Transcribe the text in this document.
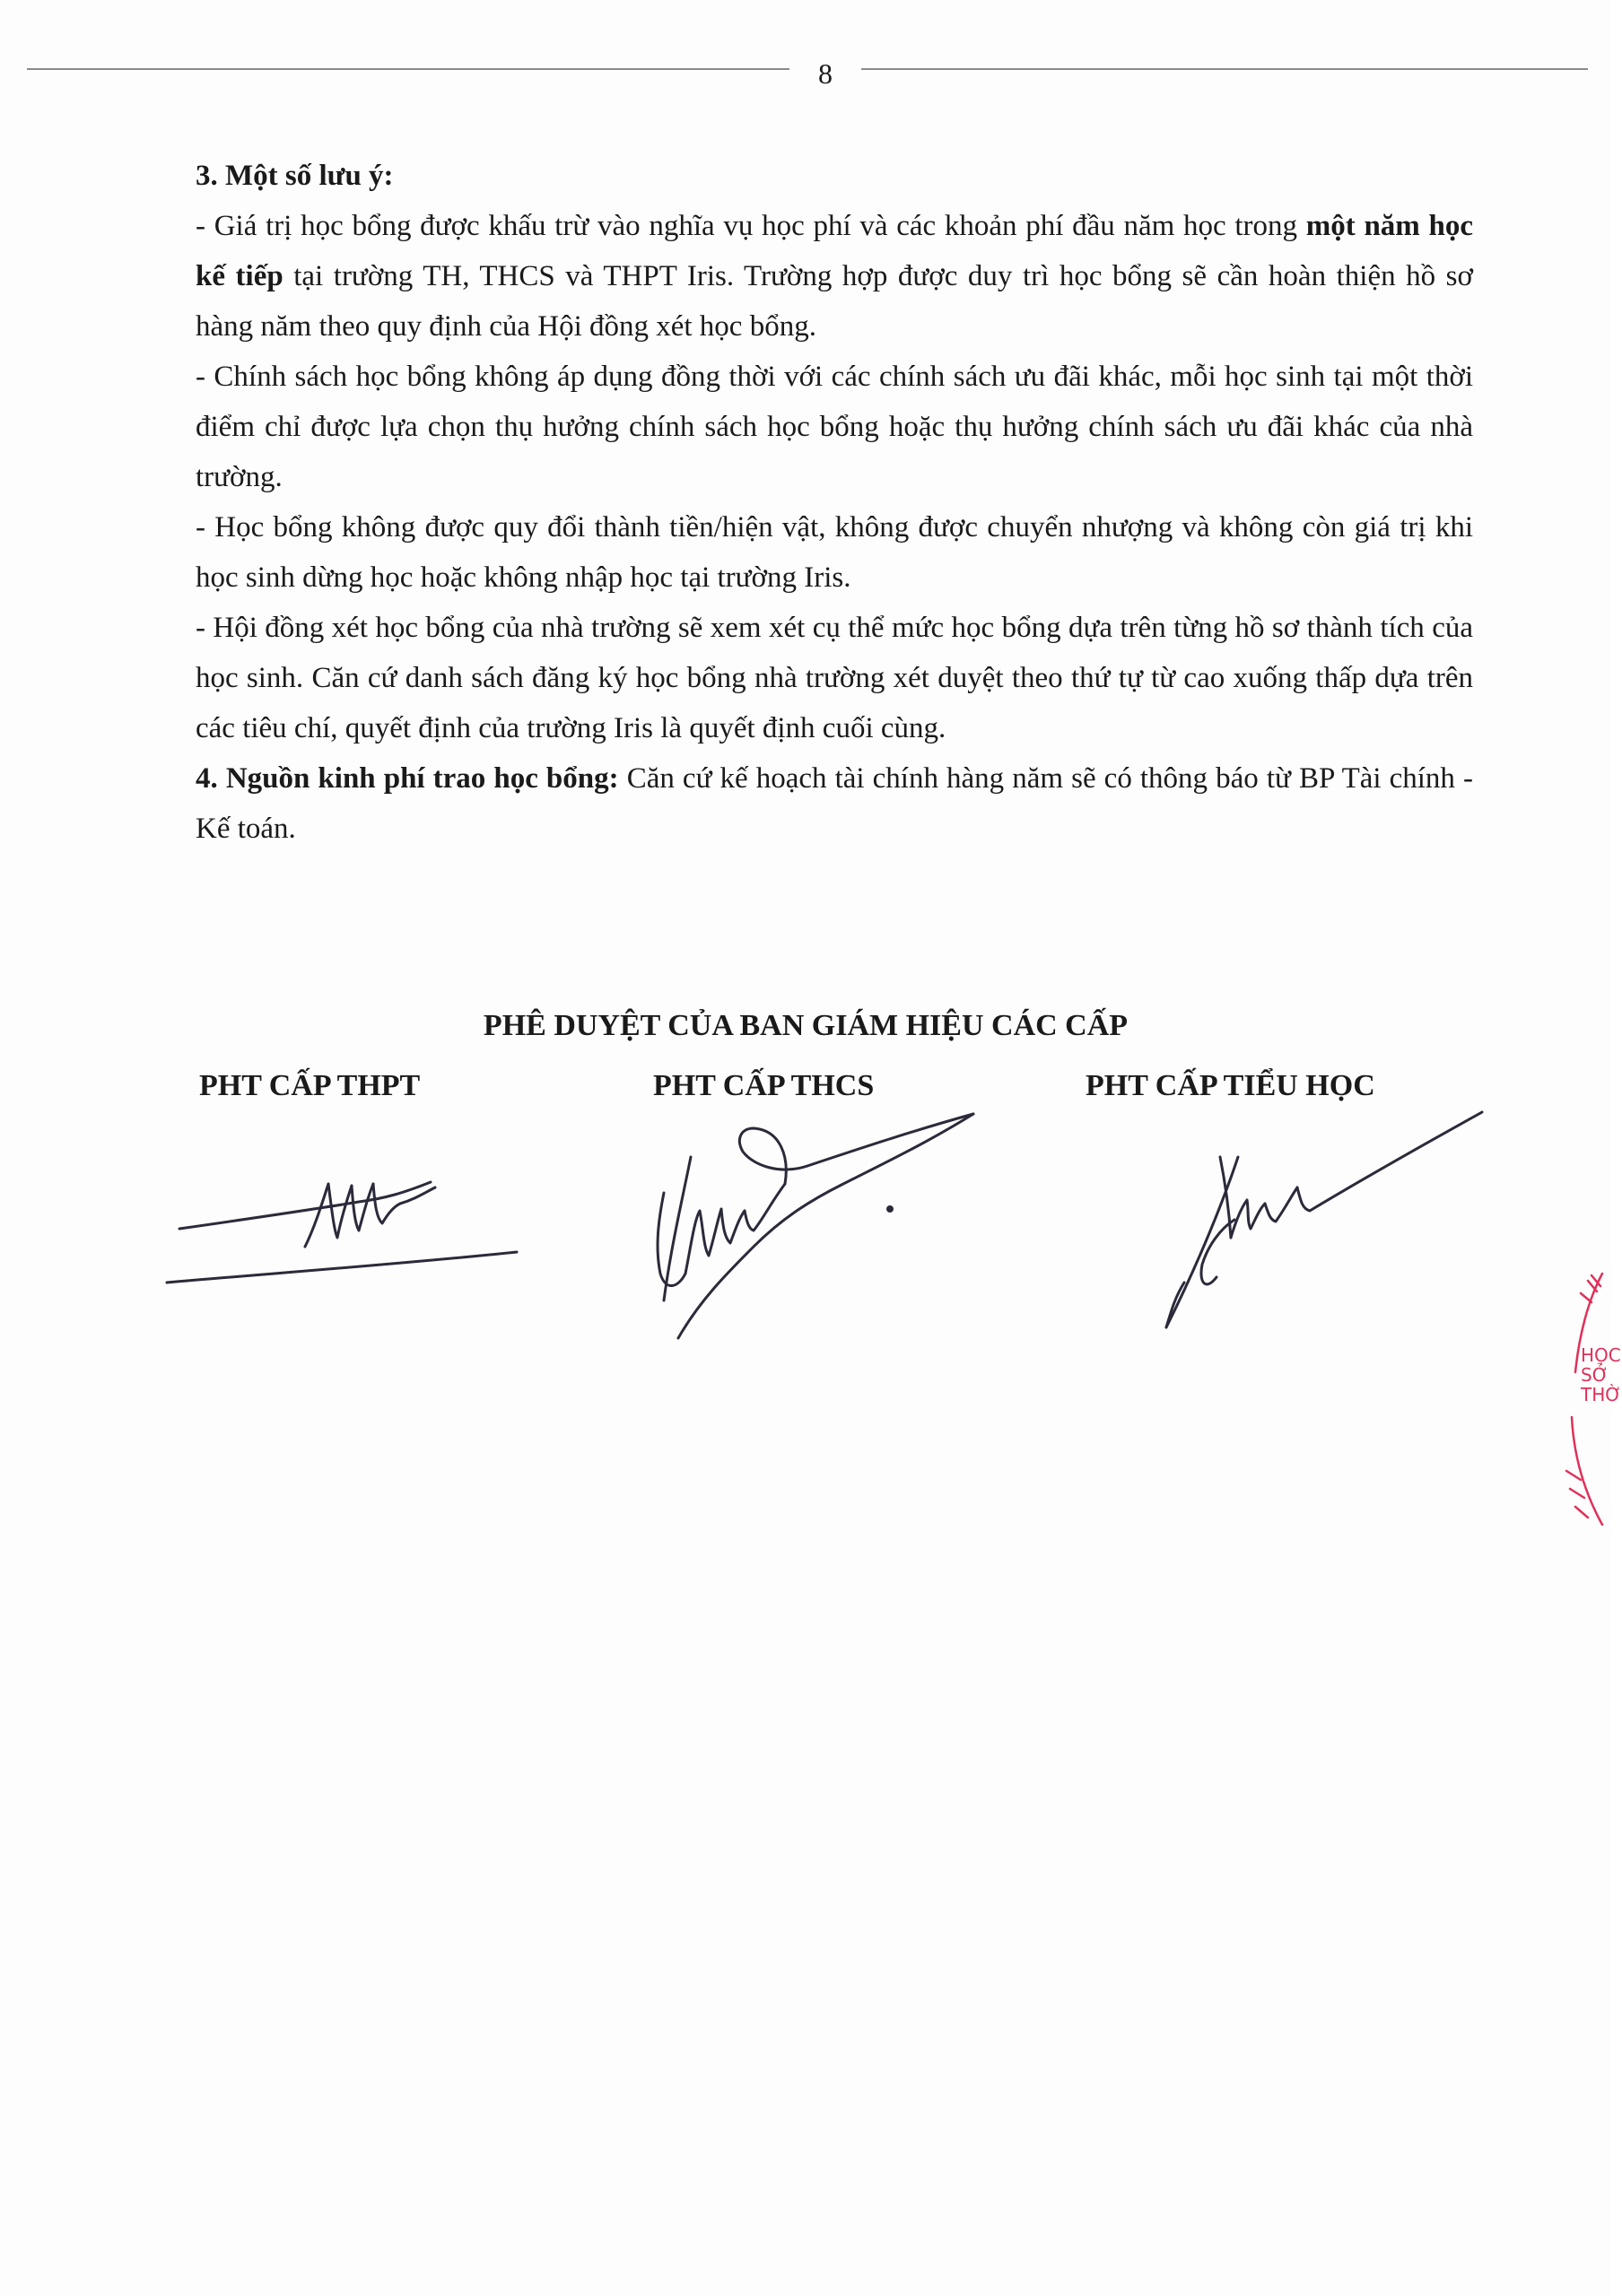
8

3. Một số lưu ý:

- Giá trị học bổng được khấu trừ vào nghĩa vụ học phí và các khoản phí đầu năm học trong một năm học kế tiếp tại trường TH, THCS và THPT Iris. Trường hợp được duy trì học bổng sẽ cần hoàn thiện hồ sơ hàng năm theo quy định của Hội đồng xét học bổng.

- Chính sách học bổng không áp dụng đồng thời với các chính sách ưu đãi khác, mỗi học sinh tại một thời điểm chỉ được lựa chọn thụ hưởng chính sách học bổng hoặc thụ hưởng chính sách ưu đãi khác của nhà trường.

- Học bổng không được quy đổi thành tiền/hiện vật, không được chuyển nhượng và không còn giá trị khi học sinh dừng học hoặc không nhập học tại trường Iris.

- Hội đồng xét học bổng của nhà trường sẽ xem xét cụ thể mức học bổng dựa trên từng hồ sơ thành tích của học sinh. Căn cứ danh sách đăng ký học bổng nhà trường xét duyệt theo thứ tự từ cao xuống thấp dựa trên các tiêu chí, quyết định của trường Iris là quyết định cuối cùng.

4. Nguồn kinh phí trao học bổng: Căn cứ kế hoạch tài chính hàng năm sẽ có thông báo từ BP Tài chính - Kế toán.

PHÊ DUYỆT CỦA BAN GIÁM HIỆU CÁC CẤP
PHT CẤP THPT	PHT CẤP THCS	PHT CẤP TIỂU HỌC
HỌC
SỞ
THỜ
